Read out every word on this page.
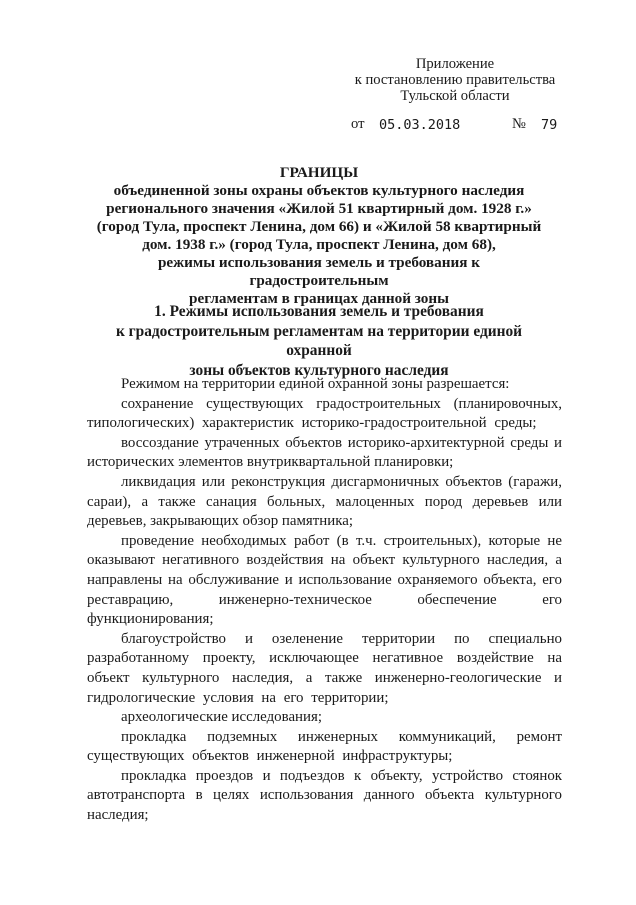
Приложение
к постановлению правительства
Тульской области
от 05.03.2018	№ 79
ГРАНИЦЫ
объединенной зоны охраны объектов культурного наследия
регионального значения «Жилой 51 квартирный дом. 1928 г.»
(город Тула, проспект Ленина, дом 66) и «Жилой 58 квартирный
дом. 1938 г.» (город Тула, проспект Ленина, дом 68),
режимы использования земель и требования к градостроительным
регламентам в границах данной зоны
1. Режимы использования земель и требования
к градостроительным регламентам на территории единой охранной
зоны объектов культурного наследия

Режимом на территории единой охранной зоны разрешается:

сохранение существующих градостроительных (планировочных, типологических) характеристик историко-градостроительной среды;

воссоздание утраченных объектов историко-архитектурной среды и исторических элементов внутриквартальной планировки;

ликвидация или реконструкция дисгармоничных объектов (гаражи, сараи), а также санация больных, малоценных пород деревьев или деревьев, закрывающих обзор памятника;

проведение необходимых работ (в т.ч. строительных), которые не оказывают негативного воздействия на объект культурного наследия, а направлены на обслуживание и использование охраняемого объекта, его реставрацию, инженерно-техническое обеспечение его функционирования;

благоустройство и озеленение территории по специально разработанному проекту, исключающее негативное воздействие на объект культурного наследия, а также инженерно-геологические и гидрологические условия на его территории;

археологические исследования;

прокладка подземных инженерных коммуникаций, ремонт существующих объектов инженерной инфраструктуры;

прокладка проездов и подъездов к объекту, устройство стоянок автотранспорта в целях использования данного объекта культурного наследия;
